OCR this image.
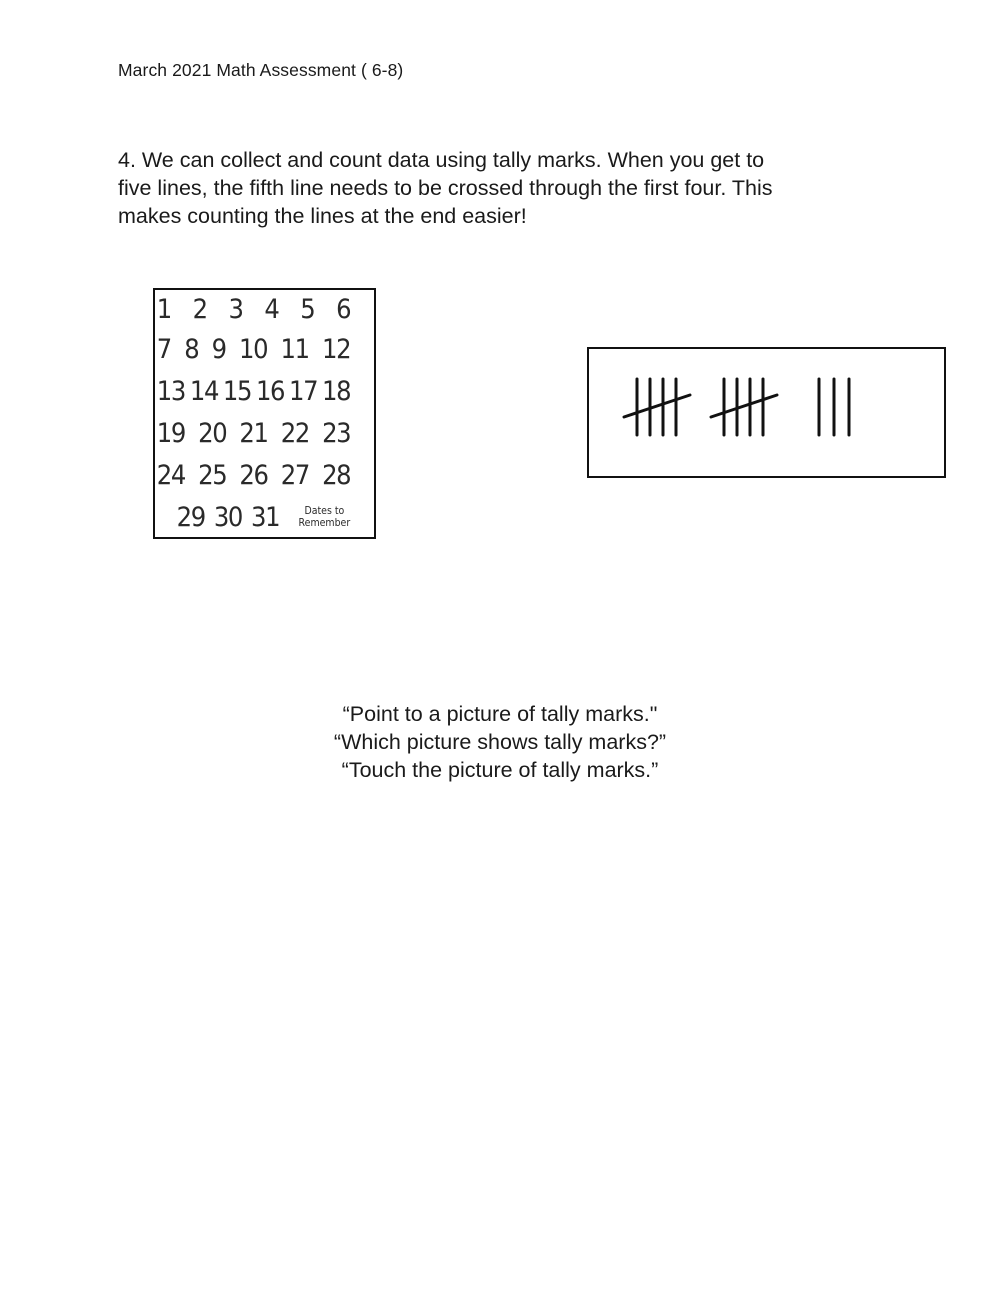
March 2021 Math Assessment ( 6-8)
4. We can collect and count data using tally marks. When you get to
five lines, the fifth line needs to be crossed through the first four. This
makes counting the lines at the end easier!
1 2 3 4 5 6
7 8 9 10 11 12
13 14 15 16 17 18
19 20 21 22 23
24 25 26 27 28
29 30 31 Dates to
Remember
“Point to a picture of tally marks."
“Which picture shows tally marks?”
“Touch the picture of tally marks.”
